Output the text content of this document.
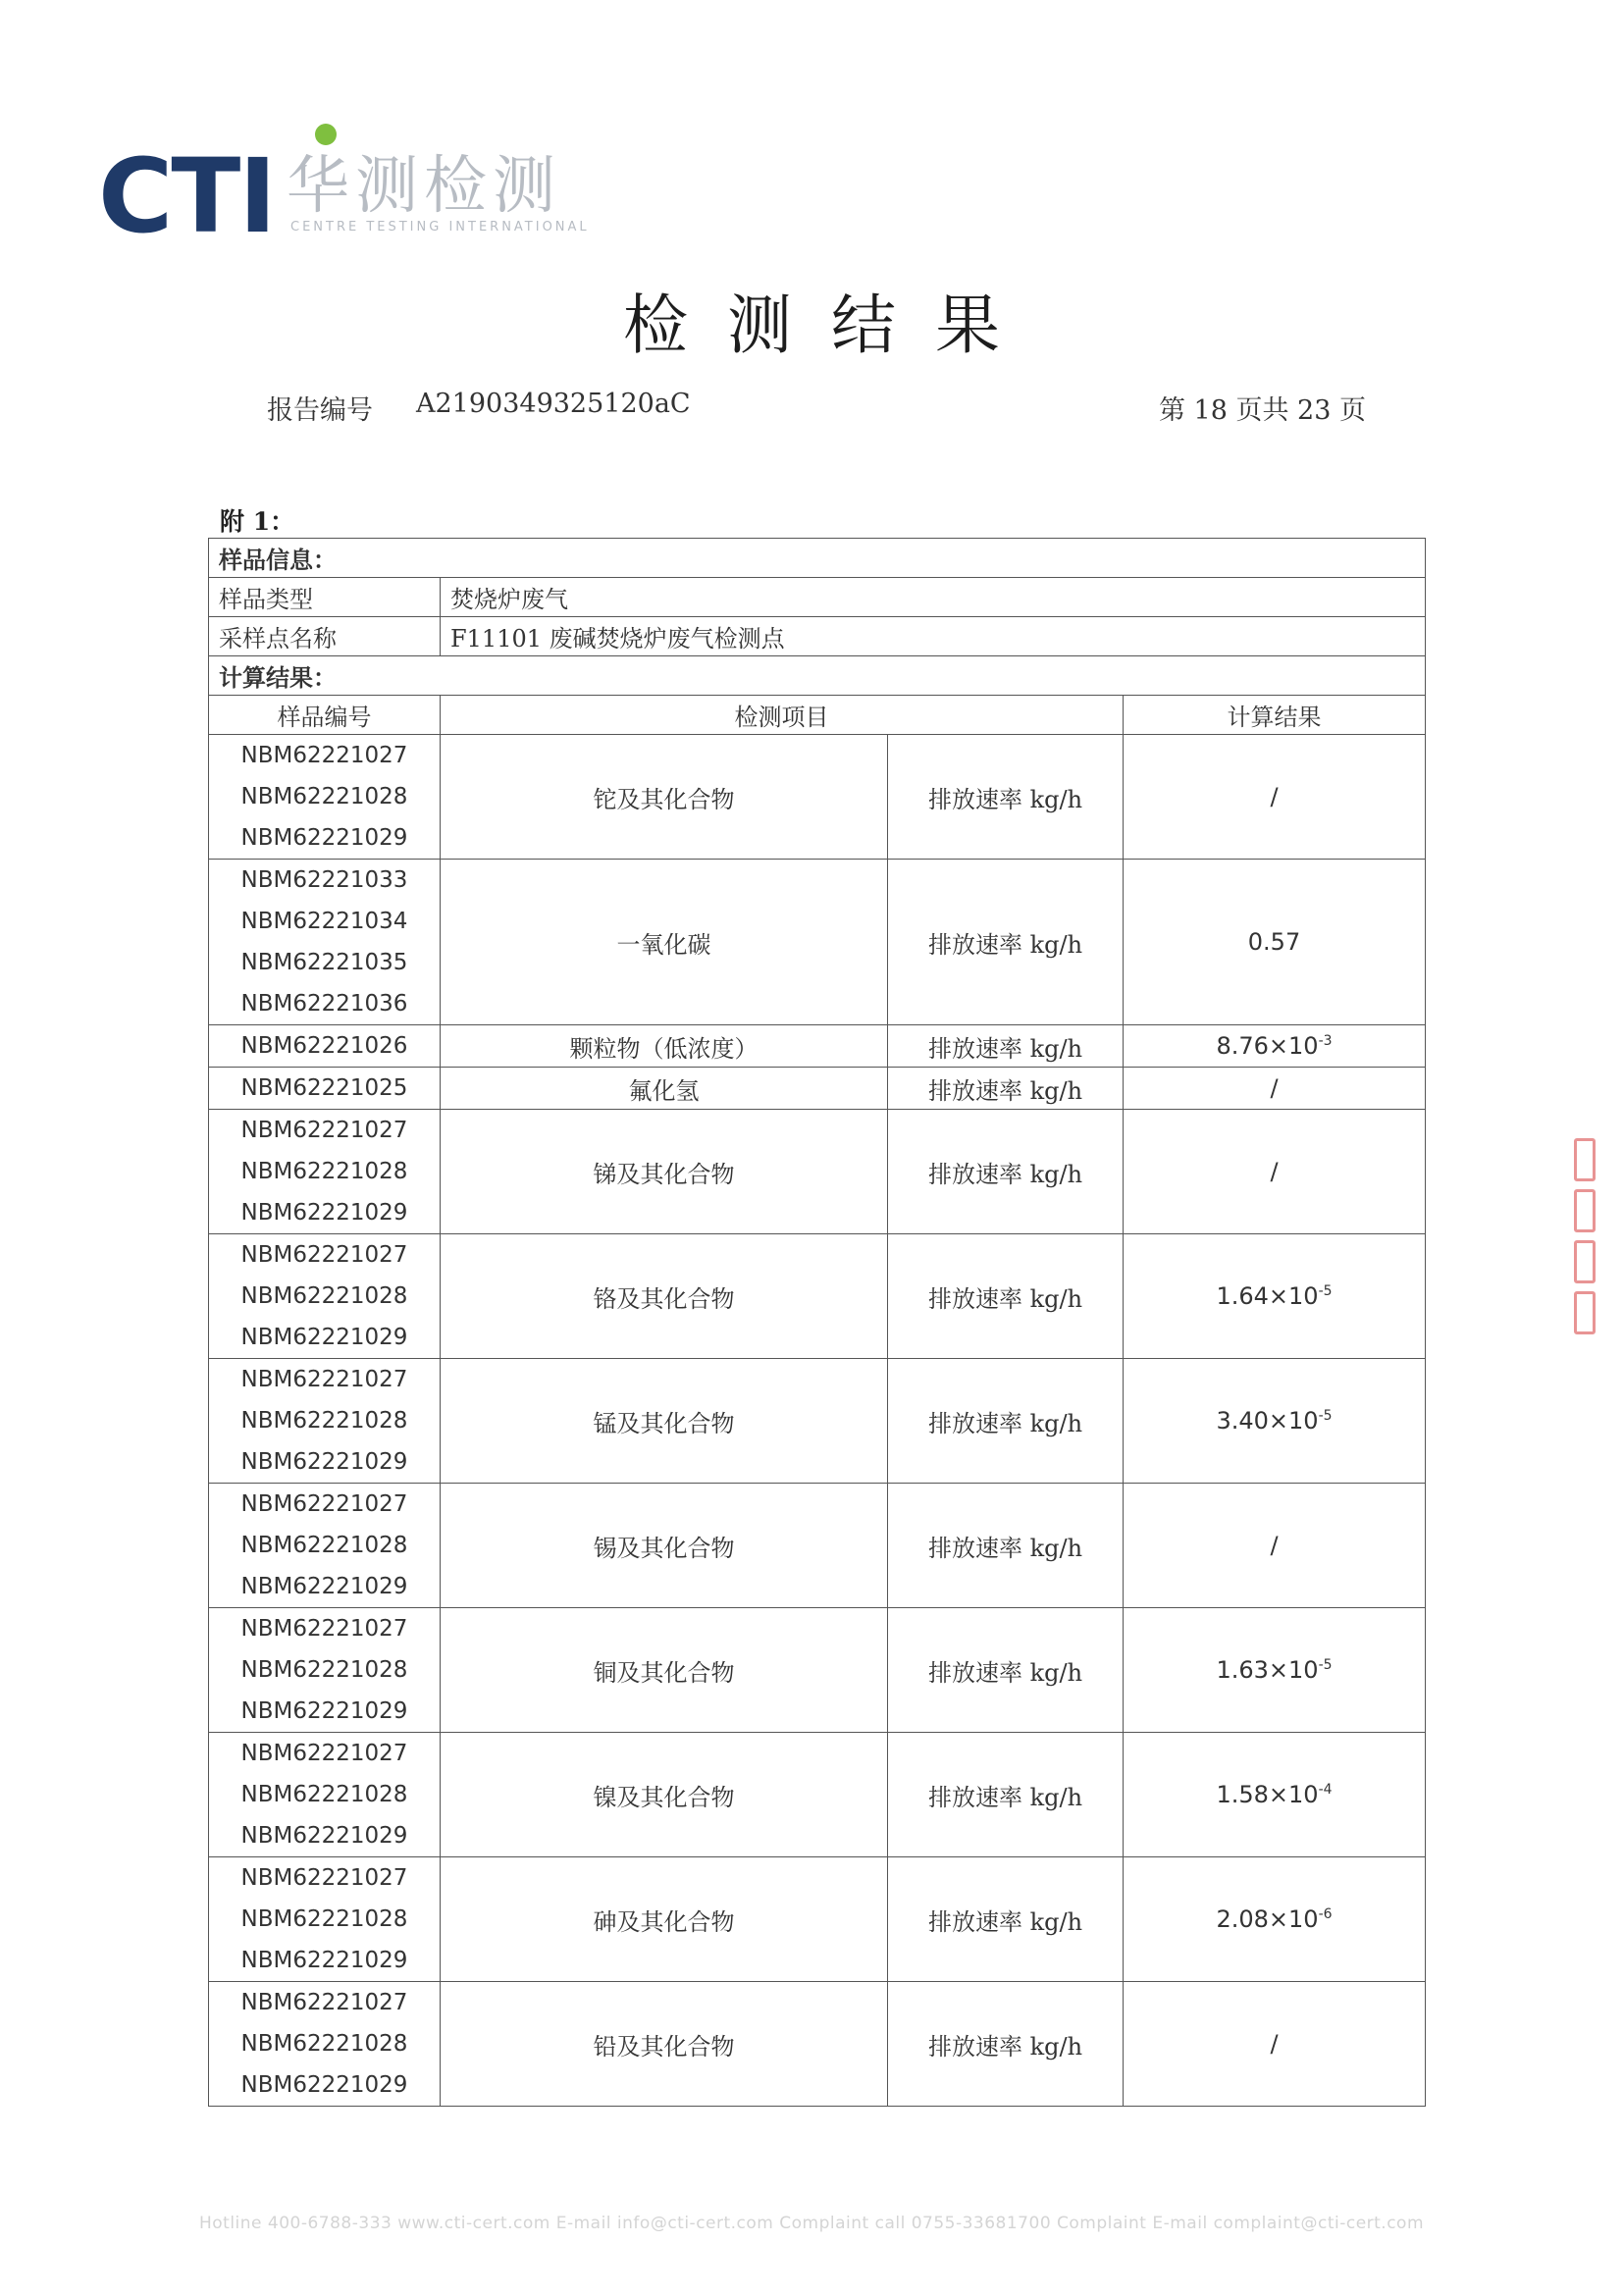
CTI 华测检测
CENTRE TESTING INTERNATIONAL
检测结果
报告编号 A2190349325120aC	第 18 页共 23 页
附 1：
样品信息：			
样品类型	焚烧炉废气		
采样点名称	F11101 废碱焚烧炉废气检测点		
计算结果：			
样品编号	检测项目		计算结果

NBM62221027
NBM62221028
NBM62221029	铊及其化合物	排放速率 kg/h	/

NBM62221033
NBM62221034
NBM62221035
NBM62221036	一氧化碳	排放速率 kg/h	0.57

NBM62221026	颗粒物（低浓度）	排放速率 kg/h	$8.76\times 10^{-3}$

NBM62221025	氟化氢	排放速率 kg/h	/

NBM62221027
NBM62221028
NBM62221029	锑及其化合物	排放速率 kg/h	/

NBM62221027
NBM62221028
NBM62221029	铬及其化合物	排放速率 kg/h	$1.64\times 10^{-5}$

NBM62221027
NBM62221028
NBM62221029	锰及其化合物	排放速率 kg/h	$3.40\times 10^{-5}$

NBM62221027
NBM62221028
NBM62221029	锡及其化合物	排放速率 kg/h	/

NBM62221027
NBM62221028
NBM62221029	铜及其化合物	排放速率 kg/h	$1.63\times 10^{-5}$

NBM62221027
NBM62221028
NBM62221029	镍及其化合物	排放速率 kg/h	$1.58\times 10^{-4}$

NBM62221027
NBM62221028
NBM62221029	砷及其化合物	排放速率 kg/h	$2.08\times 10^{-6}$

NBM62221027
NBM62221028
NBM62221029	铅及其化合物	排放速率 kg/h	/
Hotline 400-6788-333 www.cti-cert.com E-mail info@cti-cert.com Complaint call 0755-33681700 Complaint E-mail complaint@cti-cert.com
